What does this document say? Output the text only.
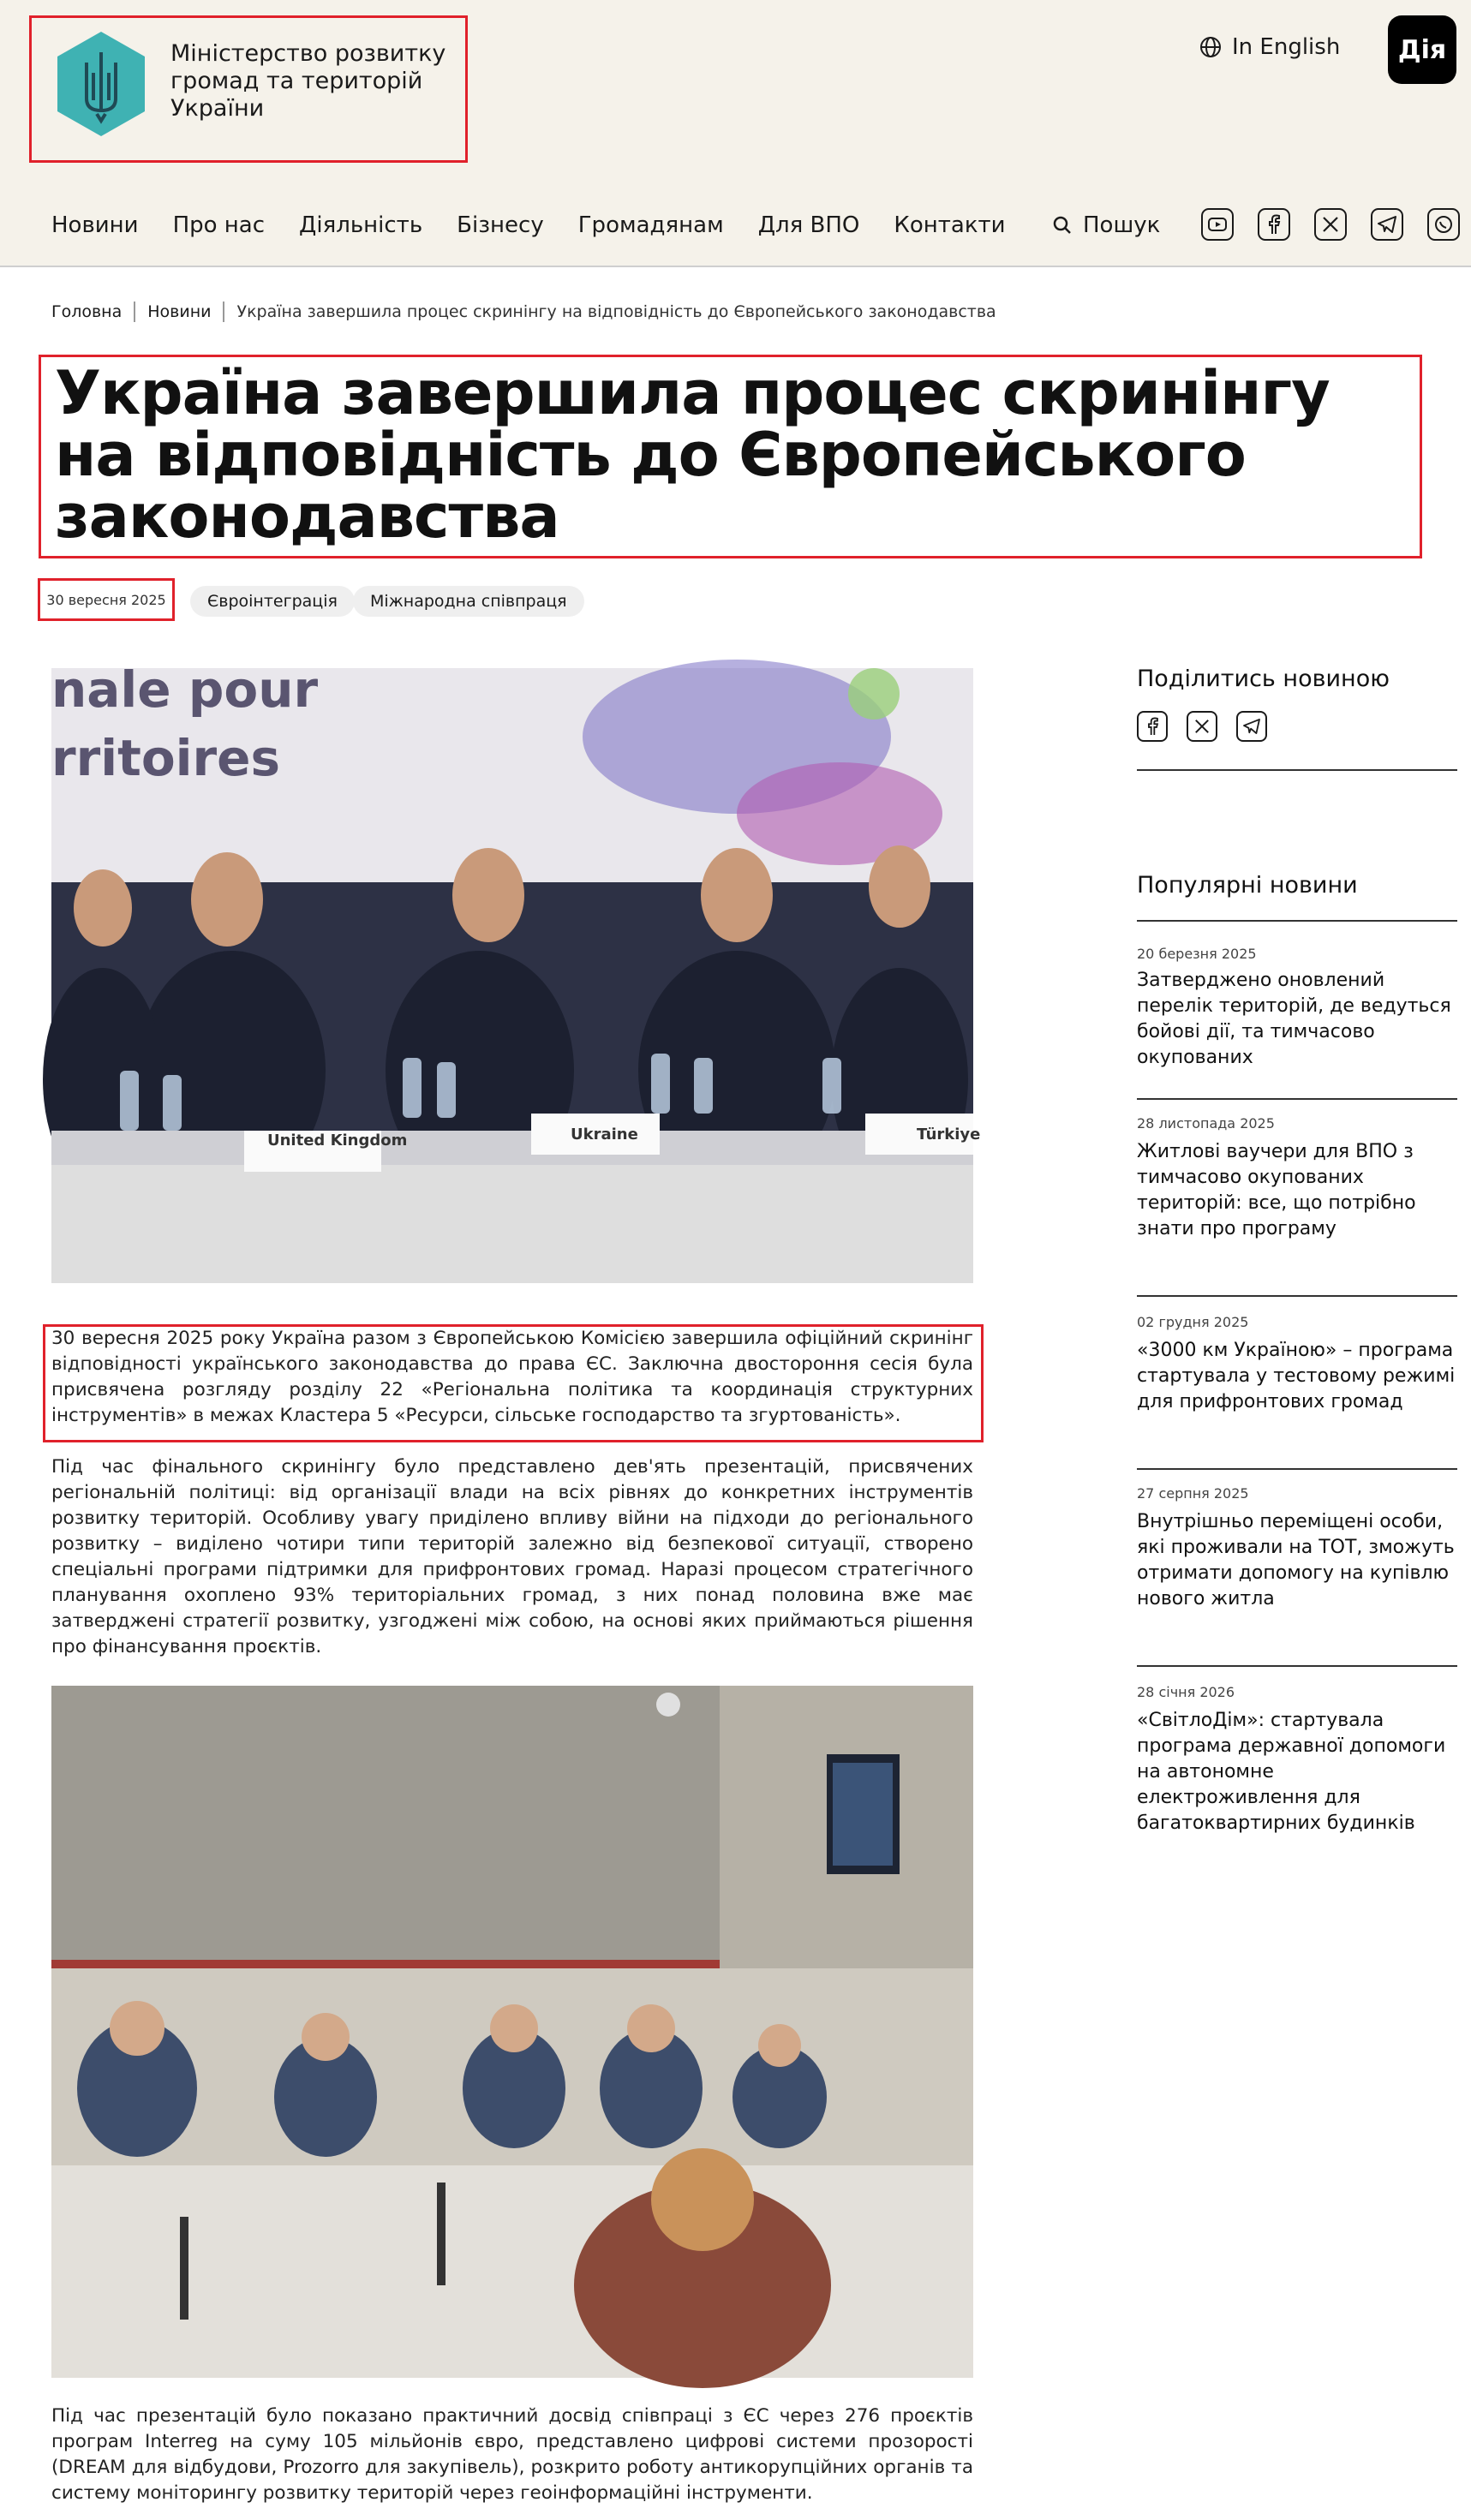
Міністерство розвитку громад та територій України
In English	Дія
Новини Про нас Діяльність Бізнесу Громадянам Для ВПО Контакти	Пошук
Головна Новини Україна завершила процес скринінгу на відповідність до Європейського законодавства
Україна завершила процес скринінгу на відповідність до Європейського законодавства
30 вересня 2025	Євроінтеграція	Міжнародна співпраця
nale pour
rritoires
United Kingdom	Ukraine	Türkiye

30 вересня 2025 року Україна разом з Європейською Комісією завершила офіційний скринінг відповідності українського законодавства до права ЄС. Заключна двостороння сесія була присвячена розгляду розділу 22 «Регіональна політика та координація структурних інструментів» в межах Кластера 5 «Ресурси, сільське господарство та згуртованість».

Під час фінального скринінгу було представлено дев'ять презентацій, присвячених регіональній політиці: від організації влади на всіх рівнях до конкретних інструментів розвитку територій. Особливу увагу приділено впливу війни на підходи до регіонального розвитку – виділено чотири типи територій залежно від безпекової ситуації, створено спеціальні програми підтримки для прифронтових громад. Наразі процесом стратегічного планування охоплено 93% територіальних громад, з них понад половина вже має затверджені стратегії розвитку, узгоджені між собою, на основі яких приймаються рішення про фінансування проєктів.

Під час презентацій було показано практичний досвід співпраці з ЄС через 276 проєктів програм Interreg на суму 105 мільйонів євро, представлено цифрові системи прозорості (DREAM для відбудови, Prozorro для закупівель), розкрито роботу антикорупційних органів та систему моніторингу розвитку територій через геоінформаційні інструменти.

Поділитись новиною
Популярні новини
20 березня 2025
Затверджено оновлений перелік територій, де ведуться бойові дії, та тимчасово окупованих
28 листопада 2025
Житлові ваучери для ВПО з тимчасово окупованих територій: все, що потрібно знати про програму
02 грудня 2025
«3000 км Україною» – програма стартувала у тестовому режимі для прифронтових громад
27 серпня 2025
Внутрішньо переміщені особи, які проживали на ТОТ, зможуть отримати допомогу на купівлю нового житла
28 січня 2026
«СвітлоДім»: стартувала програма державної допомоги на автономне електроживлення для багатоквартирних будинків
